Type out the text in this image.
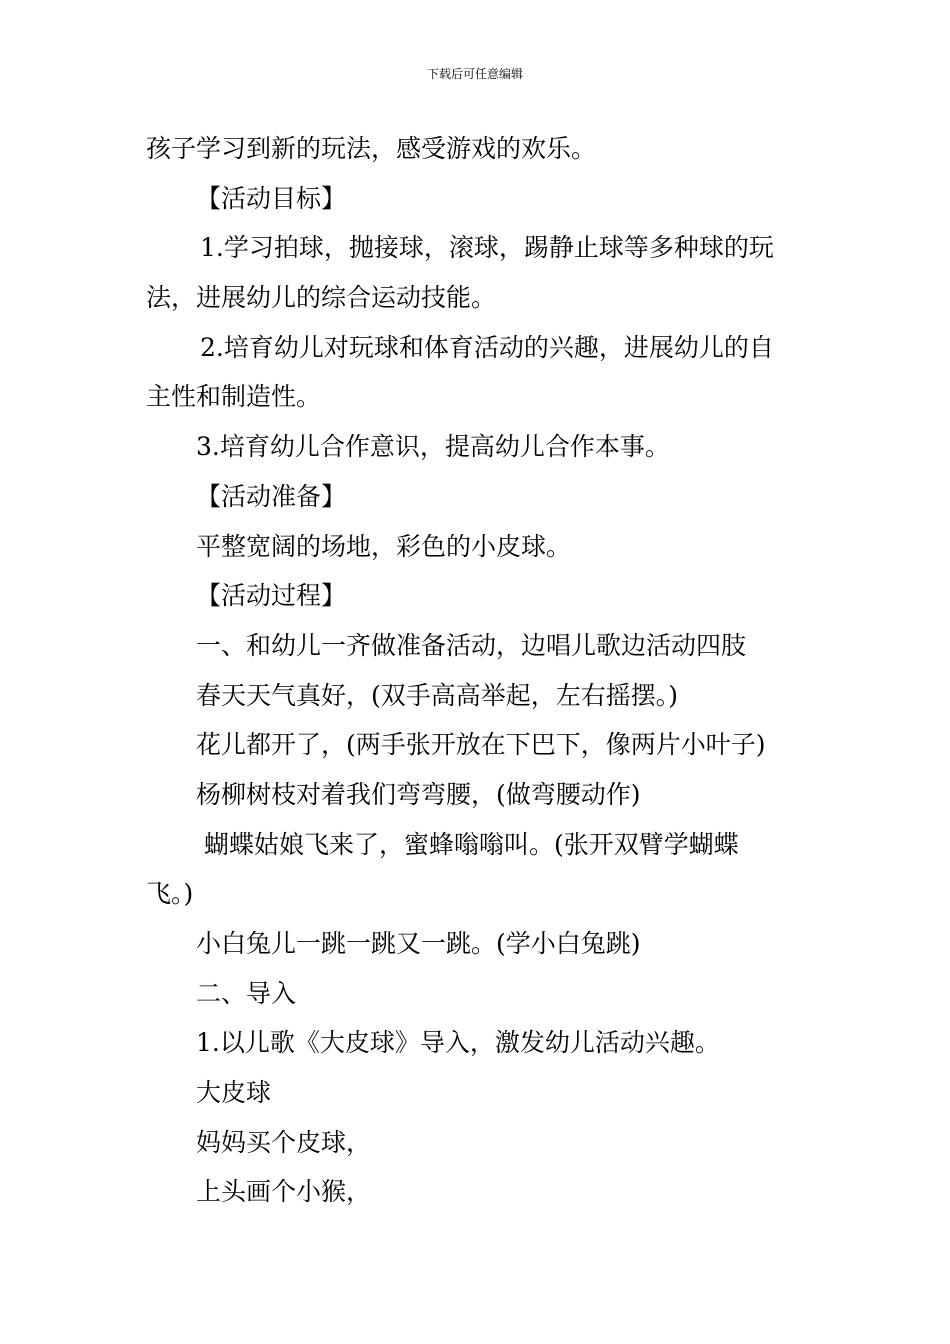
下载后可任意编辑
孩子学习到新的玩法，感受游戏的欢乐。
【活动目标】
1.学习拍球，抛接球，滚球，踢静止球等多种球的玩
法，进展幼儿的综合运动技能。
2.培育幼儿对玩球和体育活动的兴趣，进展幼儿的自
主性和制造性。
3.培育幼儿合作意识，提高幼儿合作本事。
【活动准备】
平整宽阔的场地，彩色的小皮球。
【活动过程】
一、和幼儿一齐做准备活动，边唱儿歌边活动四肢
春天天气真好，(双手高高举起，左右摇摆。)
花儿都开了，(两手张开放在下巴下，像两片小叶子)
杨柳树枝对着我们弯弯腰，(做弯腰动作)
蝴蝶姑娘飞来了，蜜蜂嗡嗡叫。(张开双臂学蝴蝶
飞。)
小白兔儿一跳一跳又一跳。(学小白兔跳)
二、导入
1.以儿歌《大皮球》导入，激发幼儿活动兴趣。
大皮球
妈妈买个皮球，
上头画个小猴，
